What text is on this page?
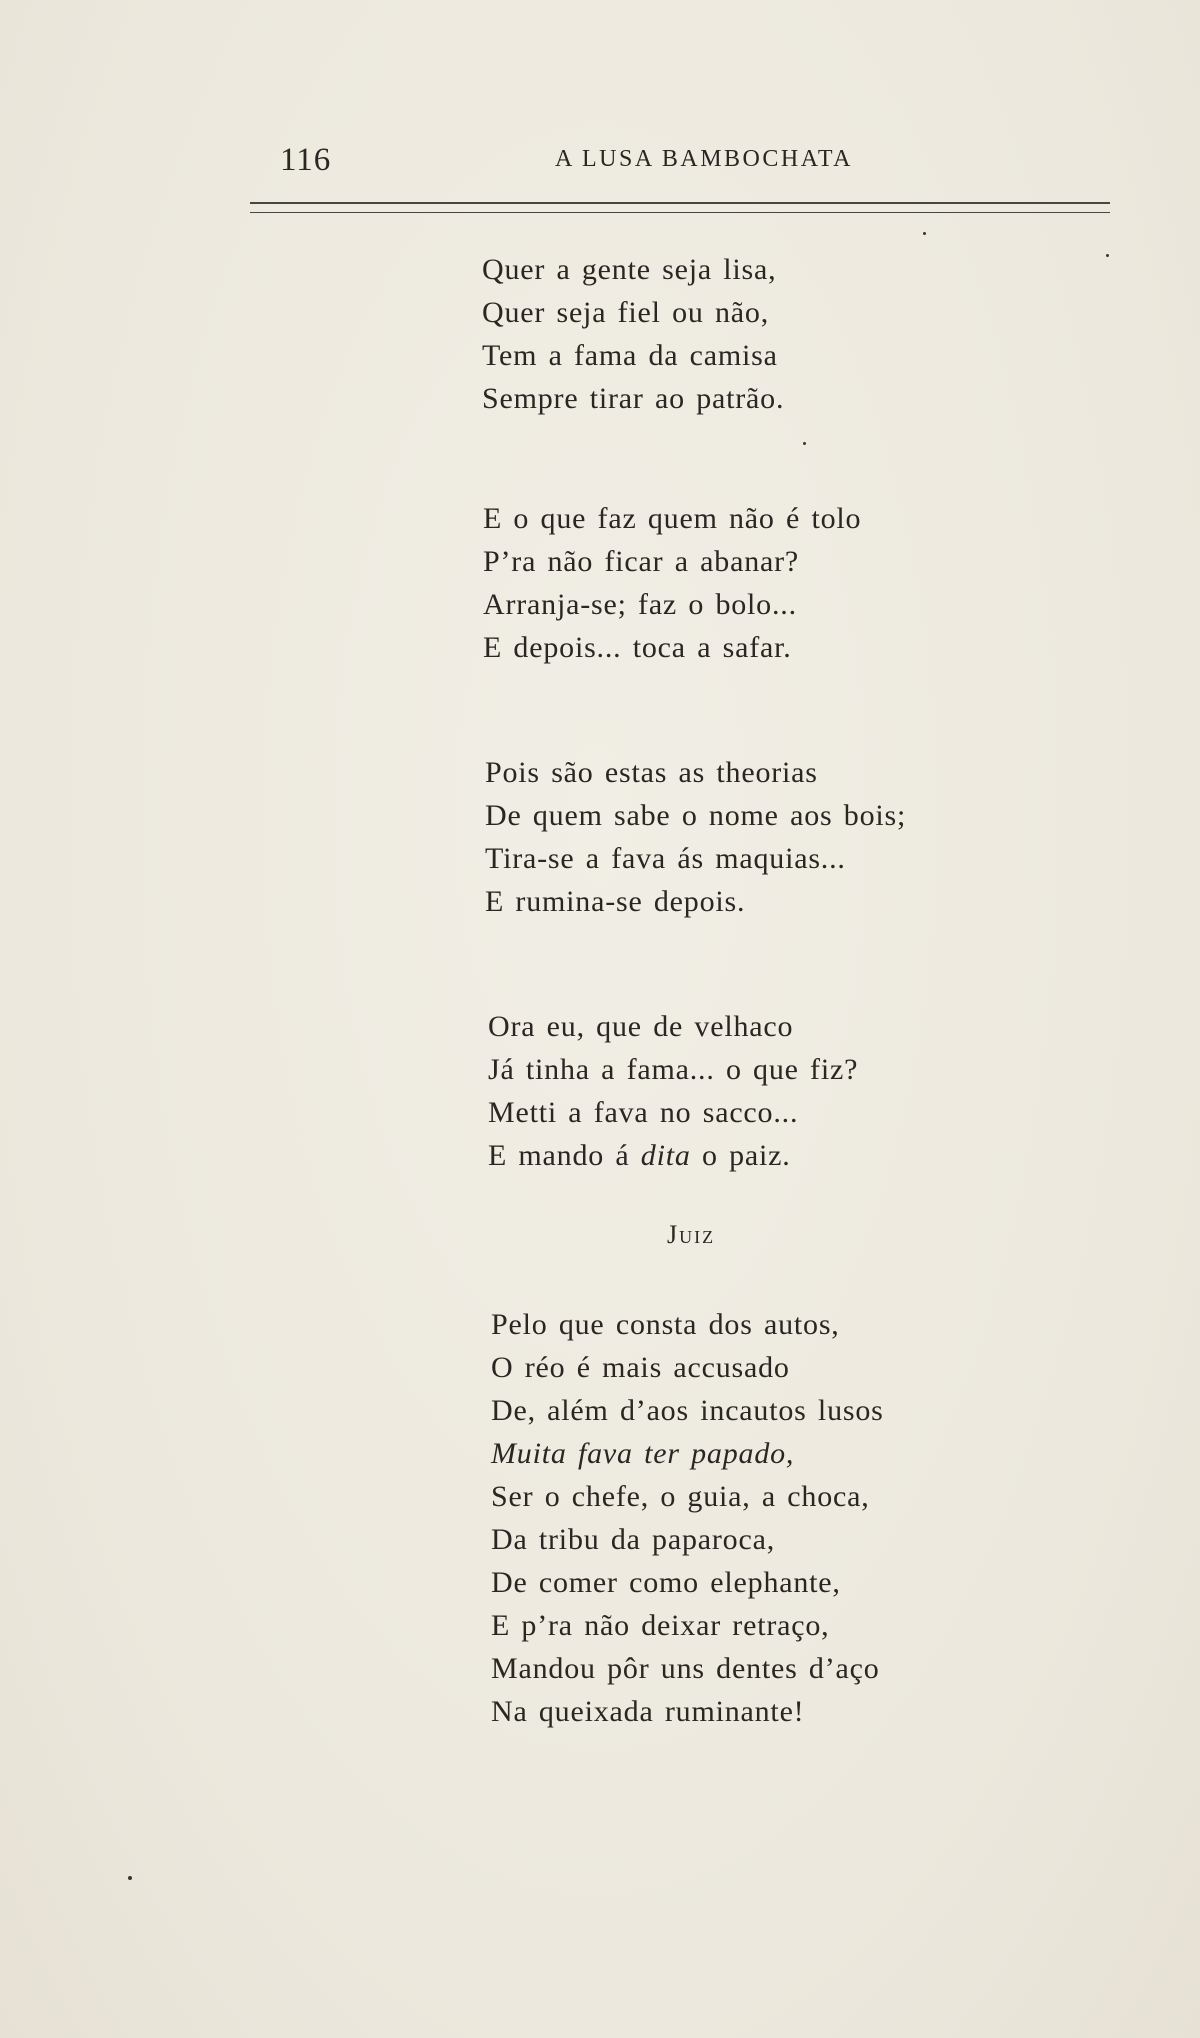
116	A LUSA BAMBOCHATA
Quer a gente seja lisa,
Quer seja fiel ou não,
Tem a fama da camisa
Sempre tirar ao patrão.
E o que faz quem não é tolo
P’ra não ficar a abanar?
Arranja-se; faz o bolo...
E depois... toca a safar.
Pois são estas as theorias
De quem sabe o nome aos bois;
Tira-se a fava ás maquias...
E rumina-se depois.
Ora eu, que de velhaco
Já tinha a fama... o que fiz?
Metti a fava no sacco...
E mando á dita o paiz.
Juiz
Pelo que consta dos autos,
O réo é mais accusado
De, além d’aos incautos lusos
Muita fava ter papado,
Ser o chefe, o guia, a choca,
Da tribu da paparoca,
De comer como elephante,
E p’ra não deixar retraço,
Mandou pôr uns dentes d’aço
Na queixada ruminante!
